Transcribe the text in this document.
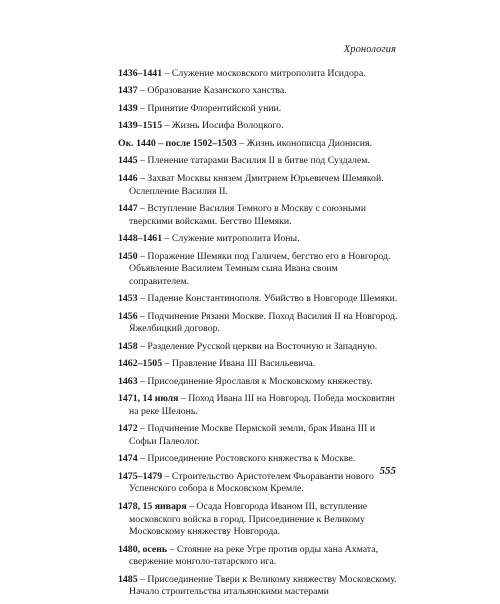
Хронология
1436–1441 – Служение московского митрополита Исидора.
1437 – Образование Казанского ханства.
1439 – Принятие Флорентийской унии.
1439–1515 – Жизнь Иосифа Волоцкого.
Ок. 1440 – после 1502–1503 – Жизнь иконописца Дионисия.
1445 – Пленение татарами Василия II в битве под Суздалем.
1446 – Захват Москвы князем Дмитрием Юрьевичем Шемякой. Ослепление Василия II.
1447 – Вступление Василия Темного в Москву с союзными тверскими войсками. Бегство Шемяки.
1448–1461 – Служение митрополита Ионы.
1450 – Поражение Шемяки под Галичем, бегство его в Новгород. Объявление Василием Темным сына Ивана своим соправителем.
1453 – Падение Константинополя. Убийство в Новгороде Шемяки.
1456 – Подчинение Рязани Москве. Поход Василия II на Новгород. Яжелбицкий договор.
1458 – Разделение Русской церкви на Восточную и Западную.
1462–1505 – Правление Ивана III Васильевича.
1463 – Присоединение Ярославля к Московскому княжеству.
1471, 14 июля – Поход Ивана III на Новгород. Победа московитян на реке Шелонь.
1472 – Подчинение Москве Пермской земли, брак Ивана III и Софьи Палеолог.
1474 – Присоединение Ростовского княжества к Москве.
1475–1479 – Строительство Аристотелем Фьораванти нового Успенского собора в Московском Кремле.
1478, 15 января – Осада Новгорода Иваном III, вступление московского войска в город. Присоединение к Великому Московскому княжеству Новгорода.
1480, осень – Стояние на реке Угре против орды хана Ахмата, свержение монголо-татарского ига.
1485 – Присоединение Твери к Великому княжеству Московскому. Начало строительства итальянскими мастерами
555
